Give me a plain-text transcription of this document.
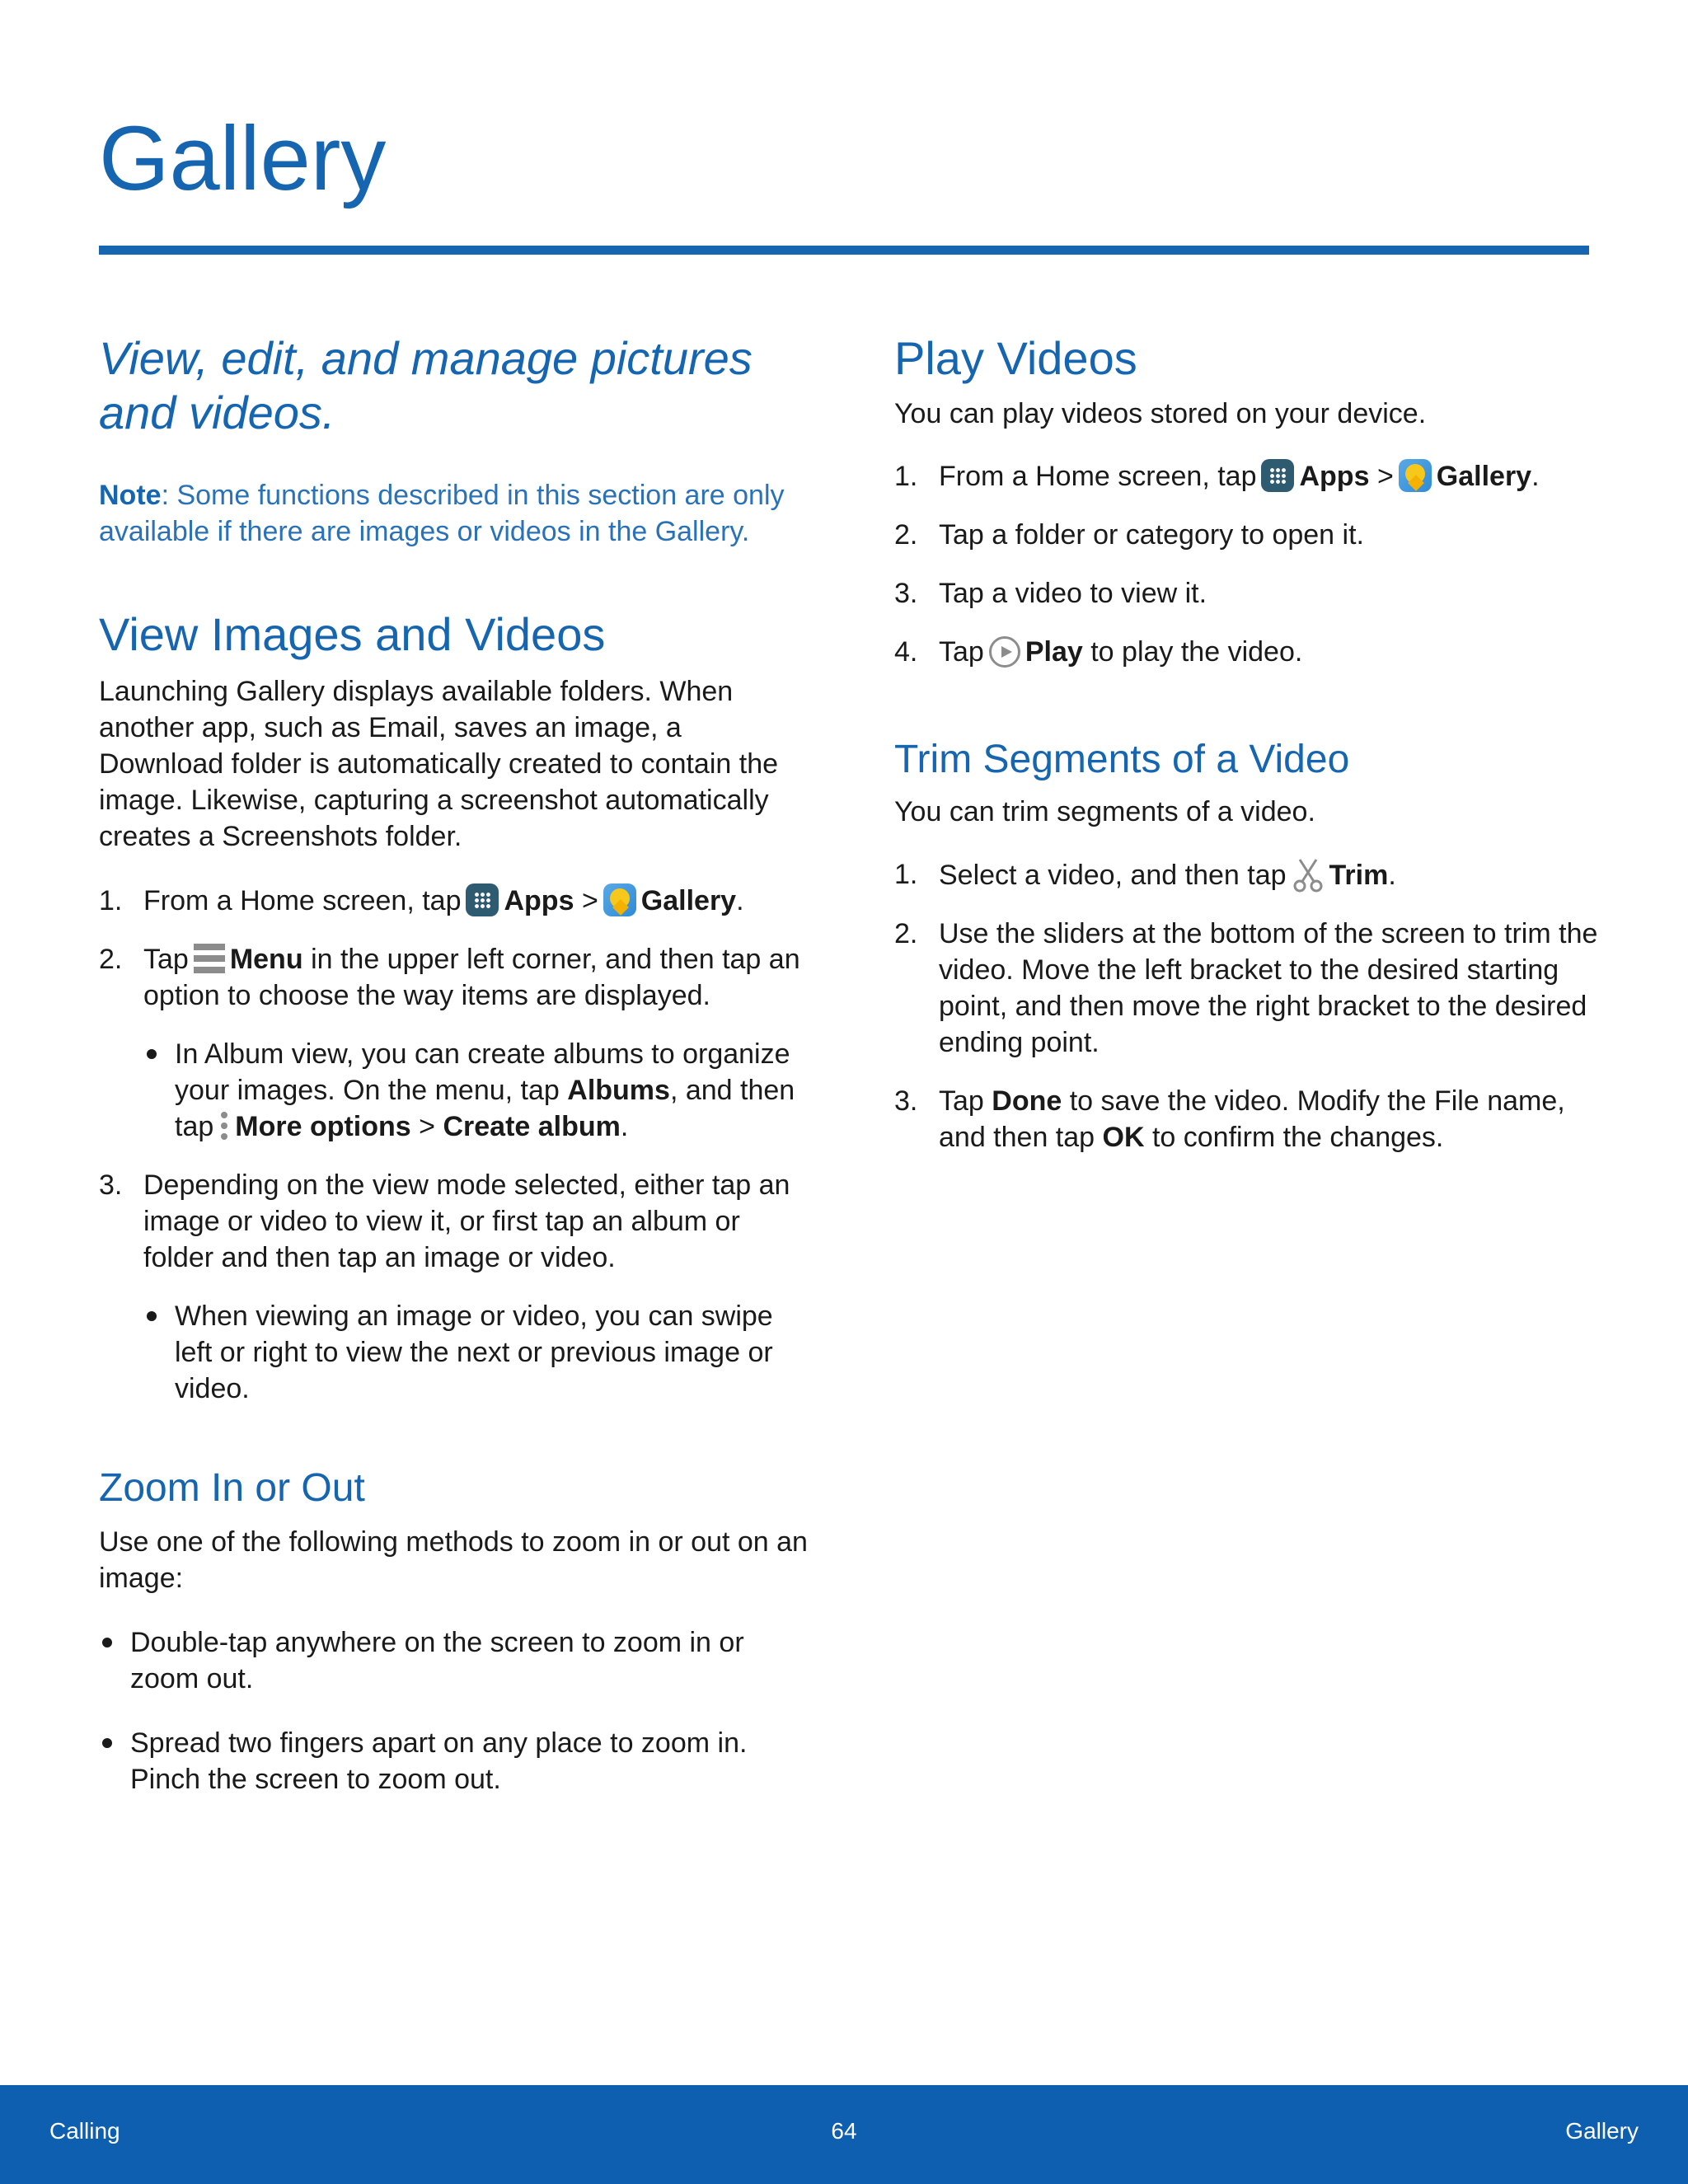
Gallery
View, edit, and manage pictures and videos.

Note: Some functions described in this section are only available if there are images or videos in the Gallery.

View Images and Videos

Launching Gallery displays available folders. When another app, such as Email, saves an image, a Download folder is automatically created to contain the image. Likewise, capturing a screenshot automatically creates a Screenshots folder.

1. From a Home screen, tap Apps > Gallery.
2. Tap Menu in the upper left corner, and then tap an option to choose the way items are displayed.
In Album view, you can create albums to organize your images. On the menu, tap Albums, and then tap More options > Create album.
3. Depending on the view mode selected, either tap an image or video to view it, or first tap an album or folder and then tap an image or video.
When viewing an image or video, you can swipe left or right to view the next or previous image or video.
Zoom In or Out

Use one of the following methods to zoom in or out on an image:

Double-tap anywhere on the screen to zoom in or zoom out.
Spread two fingers apart on any place to zoom in. Pinch the screen to zoom out.
Play Videos

You can play videos stored on your device.

1. From a Home screen, tap Apps > Gallery.
2. Tap a folder or category to open it.
3. Tap a video to view it.
4. Tap Play to play the video.
Trim Segments of a Video

You can trim segments of a video.

1. Select a video, and then tap Trim.
2. Use the sliders at the bottom of the screen to trim the video. Move the left bracket to the desired starting point, and then move the right bracket to the desired ending point.
3. Tap Done to save the video. Modify the File name, and then tap OK to confirm the changes.
Calling	64	Gallery
